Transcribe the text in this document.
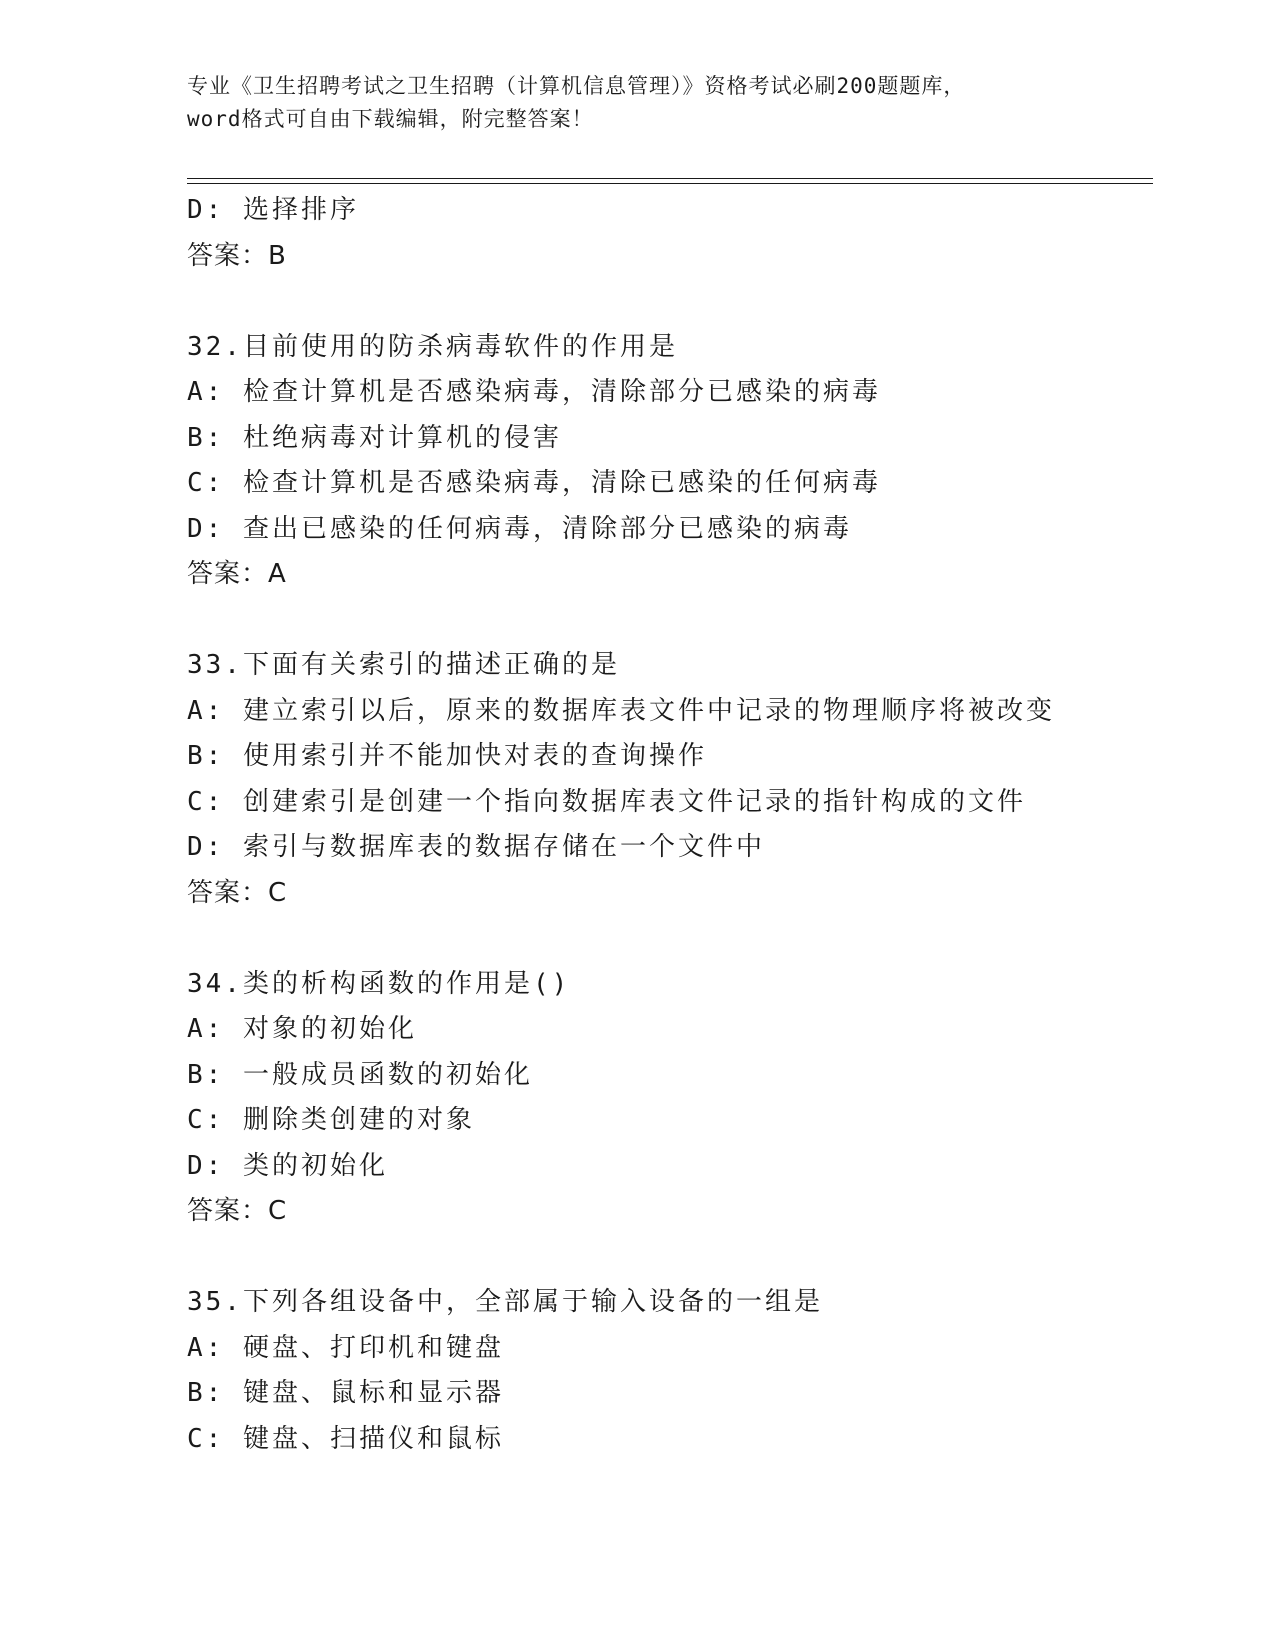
专业《卫生招聘考试之卫生招聘（计算机信息管理）》资格考试必刷200题题库，
word格式可自由下载编辑，附完整答案！
D: 选择排序
答案：B
32.目前使用的防杀病毒软件的作用是
A: 检查计算机是否感染病毒，清除部分已感染的病毒
B: 杜绝病毒对计算机的侵害
C: 检查计算机是否感染病毒，清除已感染的任何病毒
D: 查出已感染的任何病毒，清除部分已感染的病毒
答案：A
33.下面有关索引的描述正确的是
A: 建立索引以后，原来的数据库表文件中记录的物理顺序将被改变
B: 使用索引并不能加快对表的查询操作
C: 创建索引是创建一个指向数据库表文件记录的指针构成的文件
D: 索引与数据库表的数据存储在一个文件中
答案：C
34.类的析构函数的作用是()
A: 对象的初始化
B: 一般成员函数的初始化
C: 删除类创建的对象
D: 类的初始化
答案：C
35.下列各组设备中，全部属于输入设备的一组是
A: 硬盘、打印机和键盘
B: 键盘、鼠标和显示器
C: 键盘、扫描仪和鼠标
